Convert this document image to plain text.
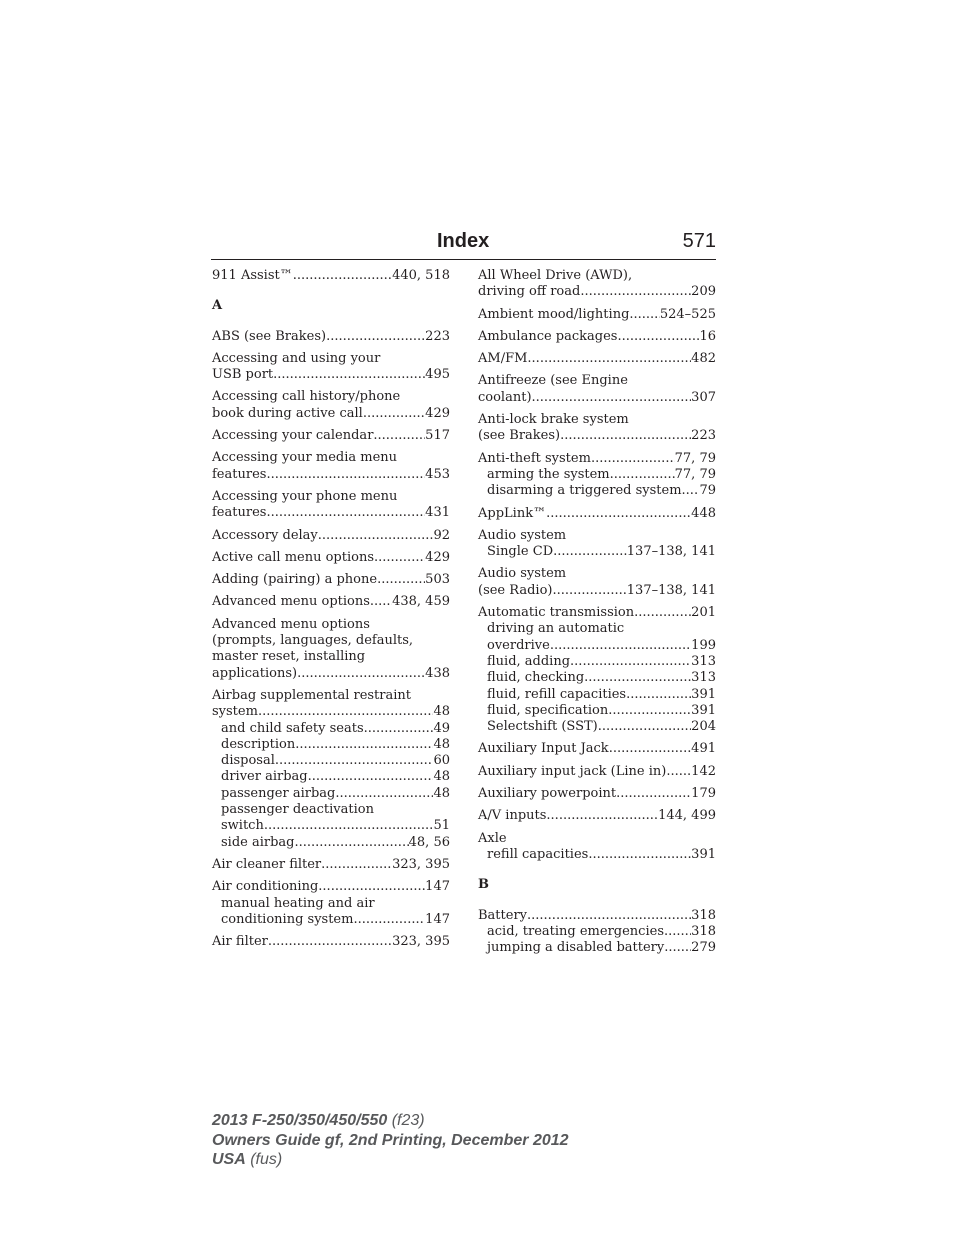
Index	571
911 Assist™ .....	440, 518
A
ABS (see Brakes) .....	223
Accessing and using your
USB port .....	495
Accessing call history/phone
book during active call .....	429
Accessing your calendar .....	517
Accessing your media menu
features .....	453
Accessing your phone menu
features .....	431
Accessory delay .....	92
Active call menu options .....	429
Adding (pairing) a phone .....	503
Advanced menu options ..... 438, 459
Advanced menu options
(prompts, languages, defaults,
master reset, installing
applications) .....	438
Airbag supplemental restraint
system .....	48
and child safety seats .....	49
description .....	48
disposal .....	60
driver airbag .....	48
passenger airbag .....	48
passenger deactivation
switch .....	51
side airbag .....	48, 56
Air cleaner filter .....	323, 395
Air conditioning .....	147
manual heating and air
conditioning system .....	147
Air filter .....	323, 395
All Wheel Drive (AWD),
driving off road .....	209
Ambient mood/lighting ..... 524–525
Ambulance packages .....	16
AM/FM .....	482
Antifreeze (see Engine
coolant) .....	307
Anti-lock brake system
(see Brakes) .....	223
Anti-theft system .....	77, 79
arming the system .....	77, 79
disarming a triggered system ..... 79
AppLink™ .....	448
Audio system
Single CD .....	137–138, 141
Audio system
(see Radio) .....	137–138, 141
Automatic transmission .....	201
driving an automatic
overdrive .....	199
fluid, adding .....	313
fluid, checking .....	313
fluid, refill capacities .....	391
fluid, specification .....	391
Selectshift (SST) .....	204
Auxiliary Input Jack .....	491
Auxiliary input jack (Line in) ..... 142
Auxiliary powerpoint .....	179
A/V inputs .....	144, 499
Axle
refill capacities .....	391
B
Battery .....	318
acid, treating emergencies ..... 318
jumping a disabled battery ..... 279
2013 F-250/350/450/550 (f23)
Owners Guide gf, 2nd Printing, December 2012
USA (fus)
